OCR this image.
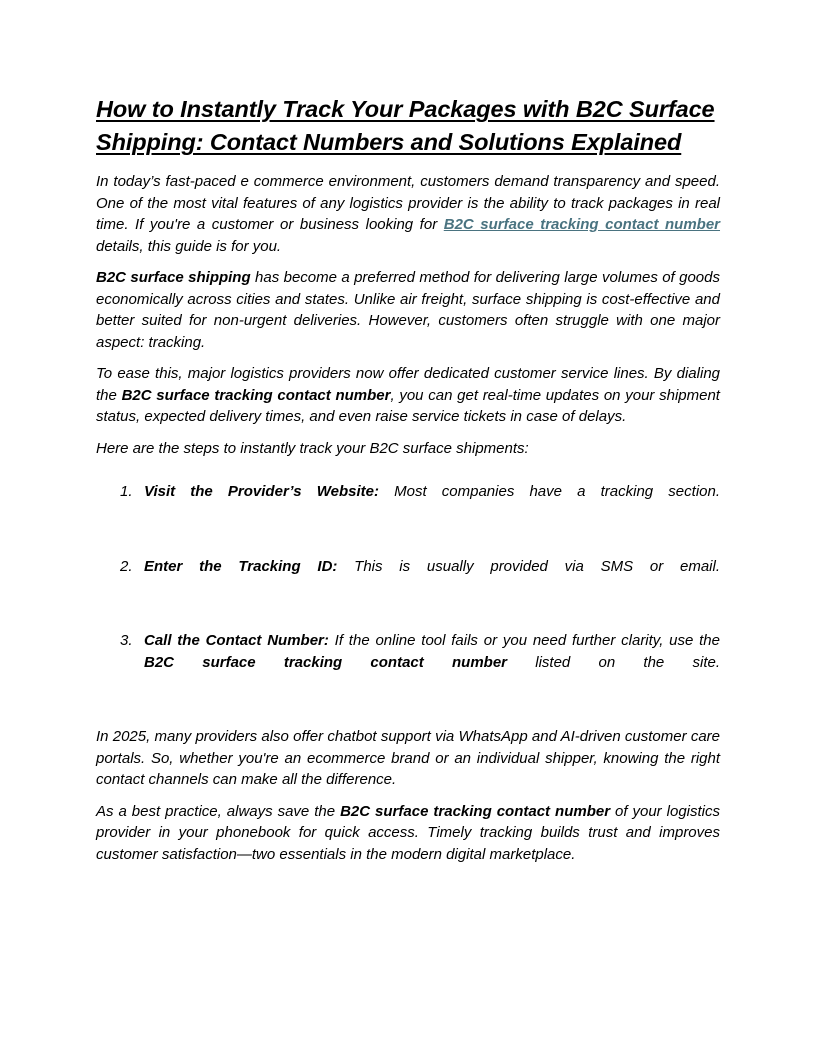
How to Instantly Track Your Packages with B2C Surface Shipping: Contact Numbers and Solutions Explained

In today’s fast-paced e commerce environment, customers demand transparency and speed. One of the most vital features of any logistics provider is the ability to track packages in real time. If you're a customer or business looking for B2C surface tracking contact number details, this guide is for you.

B2C surface shipping has become a preferred method for delivering large volumes of goods economically across cities and states. Unlike air freight, surface shipping is cost-effective and better suited for non-urgent deliveries. However, customers often struggle with one major aspect: tracking.

To ease this, major logistics providers now offer dedicated customer service lines. By dialing the B2C surface tracking contact number, you can get real-time updates on your shipment status, expected delivery times, and even raise service tickets in case of delays.

Here are the steps to instantly track your B2C surface shipments:

1. Visit the Provider’s Website: Most companies have a tracking section.
2. Enter the Tracking ID: This is usually provided via SMS or email.
3. Call the Contact Number: If the online tool fails or you need further clarity, use the B2C surface tracking contact number listed on the site.

In 2025, many providers also offer chatbot support via WhatsApp and AI-driven customer care portals. So, whether you're an ecommerce brand or an individual shipper, knowing the right contact channels can make all the difference.

As a best practice, always save the B2C surface tracking contact number of your logistics provider in your phonebook for quick access. Timely tracking builds trust and improves customer satisfaction—two essentials in the modern digital marketplace.
